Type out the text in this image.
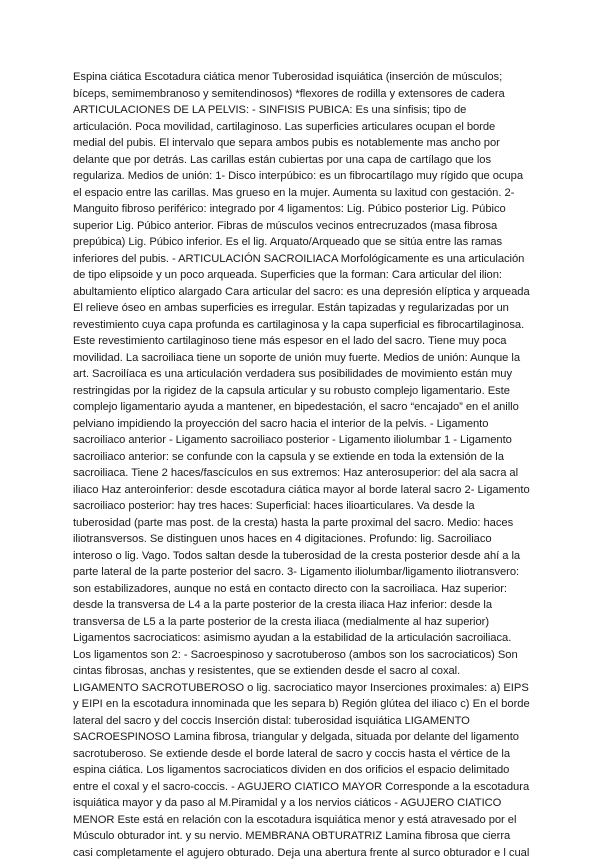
Espina ciática Escotadura ciática menor Tuberosidad isquiática (inserción de músculos;
bíceps, semimembranoso y semitendinosos) *flexores de rodilla y extensores de cadera
ARTICULACIONES DE LA PELVIS: - SINFISIS PUBICA: Es una sínfisis; tipo de
articulación. Poca movilidad, cartilaginoso. Las superficies articulares ocupan el borde
medial del pubis. El intervalo que separa ambos pubis es notablemente mas ancho por
delante que por detrás. Las carillas están cubiertas por una capa de cartílago que los
regulariza. Medios de unión: 1- Disco interpúbico: es un fibrocartílago muy rígido que ocupa
el espacio entre las carillas. Mas grueso en la mujer. Aumenta su laxitud con gestación. 2-
Manguito fibroso periférico: integrado por 4 ligamentos: Lig. Púbico posterior Lig. Púbico
superior Lig. Púbico anterior. Fibras de músculos vecinos entrecruzados (masa fibrosa
prepúbica) Lig. Púbico inferior. Es el lig. Arquato/Arqueado que se sitúa entre las ramas
inferiores del pubis. - ARTICULACIÓN SACROILIACA Morfológicamente es una articulación
de tipo elipsoide y un poco arqueada. Superficies que la forman: Cara articular del ilion:
abultamiento elíptico alargado Cara articular del sacro: es una depresión elíptica y arqueada
El relieve óseo en ambas superficies es irregular. Están tapizadas y regularizadas por un
revestimiento cuya capa profunda es cartilaginosa y la capa superficial es fibrocartilaginosa.
Este revestimiento cartilaginoso tiene más espesor en el lado del sacro. Tiene muy poca
movilidad. La sacroiliaca tiene un soporte de unión muy fuerte. Medios de unión: Aunque la
art. Sacroilíaca es una articulación verdadera sus posibilidades de movimiento están muy
restringidas por la rigidez de la capsula articular y su robusto complejo ligamentario. Este
complejo ligamentario ayuda a mantener, en bipedestación, el sacro “encajado” en el anillo
pelviano impidiendo la proyección del sacro hacia el interior de la pelvis. - Ligamento
sacroiliaco anterior - Ligamento sacroiliaco posterior - Ligamento iliolumbar 1 - Ligamento
sacroiliaco anterior: se confunde con la capsula y se extiende en toda la extensión de la
sacroiliaca. Tiene 2 haces/fascículos en sus extremos: Haz anterosuperior: del ala sacra al
iliaco Haz anteroinferior: desde escotadura ciática mayor al borde lateral sacro 2- Ligamento
sacroiliaco posterior: hay tres haces: Superficial: haces ilioarticulares. Va desde la
tuberosidad (parte mas post. de la cresta) hasta la parte proximal del sacro. Medio: haces
iliotransversos. Se distinguen unos haces en 4 digitaciones. Profundo: lig. Sacroiliaco
interoso o lig. Vago. Todos saltan desde la tuberosidad de la cresta posterior desde ahí a la
parte lateral de la parte posterior del sacro. 3- Ligamento iliolumbar/ligamento iliotransvero:
son estabilizadores, aunque no está en contacto directo con la sacroiliaca. Haz superior:
desde la transversa de L4 a la parte posterior de la cresta iliaca Haz inferior: desde la
transversa de L5 a la parte posterior de la cresta iliaca (medialmente al haz superior)
Ligamentos sacrociaticos: asimismo ayudan a la estabilidad de la articulación sacroiliaca.
Los ligamentos son 2: - Sacroespinoso y sacrotuberoso (ambos son los sacrociaticos) Son
cintas fibrosas, anchas y resistentes, que se extienden desde el sacro al coxal.
LIGAMENTO SACROTUBEROSO o lig. sacrociatico mayor Inserciones proximales: a) EIPS
y EIPI en la escotadura innominada que les separa b) Región glútea del iliaco c) En el borde
lateral del sacro y del coccis Inserción distal: tuberosidad isquiática LIGAMENTO
SACROESPINOSO Lamina fibrosa, triangular y delgada, situada por delante del ligamento
sacrotuberoso. Se extiende desde el borde lateral de sacro y coccis hasta el vértice de la
espina ciática. Los ligamentos sacrociaticos dividen en dos orificios el espacio delimitado
entre el coxal y el sacro-coccis. - AGUJERO CIATICO MAYOR Corresponde a la escotadura
isquiática mayor y da paso al M.Piramidal y a los nervios ciáticos - AGUJERO CIATICO
MENOR Este está en relación con la escotadura isquiática menor y está atravesado por el
Músculo obturador int. y su nervio. MEMBRANA OBTURATRIZ Lamina fibrosa que cierra
casi completamente el agujero obturado. Deja una abertura frente al surco obturador e l cual
